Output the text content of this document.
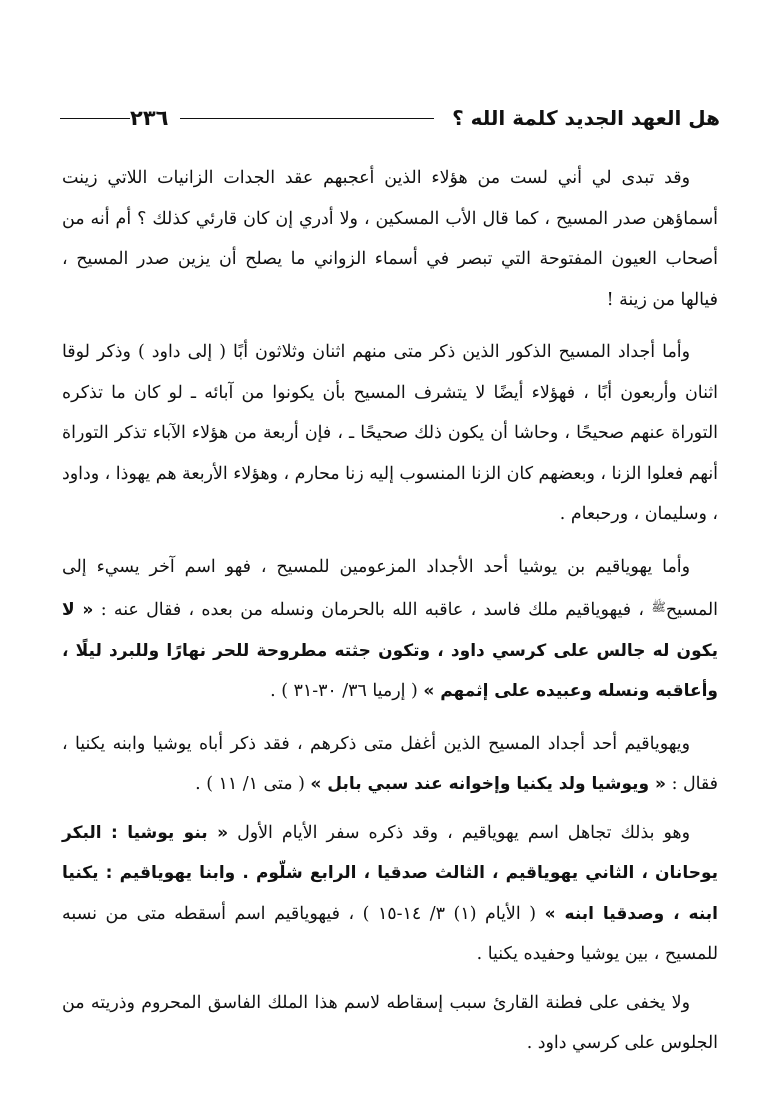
هل العهد الجديد كلمة الله ؟
٢٣٦

وقد تبدى لي أني لست من هؤلاء الذين أعجبهم عقد الجدات الزانيات اللاتي زينت أسماؤهن صدر المسيح ، كما قال الأب المسكين ، ولا أدري إن كان قارئي كذلك ؟ أم أنه من أصحاب العيون المفتوحة التي تبصر في أسماء الزواني ما يصلح أن يزين صدر المسيح ، فيالها من زينة !

وأما أجداد المسيح الذكور الذين ذكر متى منهم اثنان وثلاثون أبًا ( إلى داود ) وذكر لوقا اثنان وأربعون أبًا ، فهؤلاء أيضًا لا يتشرف المسيح بأن يكونوا من آبائه ـ لو كان ما تذكره التوراة عنهم صحيحًا ، وحاشا أن يكون ذلك صحيحًا ـ ، فإن أربعة من هؤلاء الآباء تذكر التوراة أنهم فعلوا الزنا ، وبعضهم كان الزنا المنسوب إليه زنا محارم ، وهؤلاء الأربعة هم يهوذا ، وداود ، وسليمان ، ورحبعام .

وأما يهوياقيم بن يوشيا أحد الأجداد المزعومين للمسيح ، فهو اسم آخر يسيء إلى المسيح$^ﷺ$ ، فيهوياقيم ملك فاسد ، عاقبه الله بالحرمان ونسله من بعده ، فقال عنه : « لا يكون له جالس على كرسي داود ، وتكون جثته مطروحة للحر نهارًا وللبرد ليلًا ، وأعاقبه ونسله وعبيده على إثمهم » ( إرميا ٣٦/ ٣٠-٣١ ) .

ويهوياقيم أحد أجداد المسيح الذين أغفل متى ذكرهم ، فقد ذكر أباه يوشيا وابنه يكنيا ، فقال : « ويوشيا ولد يكنيا وإخوانه عند سبي بابل » ( متى ١/ ١١ ) .

وهو بذلك تجاهل اسم يهوياقيم ، وقد ذكره سفر الأيام الأول « بنو يوشيا : البكر يوحانان ، الثاني يهوياقيم ، الثالث صدقيا ، الرابع شلّوم . وابنا يهوياقيم : يكنيا ابنه ، وصدقيا ابنه » ( الأيام (١) ٣/ ١٤-١٥ ) ، فيهوياقيم اسم أسقطه متى من نسبه للمسيح ، بين يوشيا وحفيده يكنيا .

ولا يخفى على فطنة القارئ سبب إسقاطه لاسم هذا الملك الفاسق المحروم وذريته من الجلوس على كرسي داود .
